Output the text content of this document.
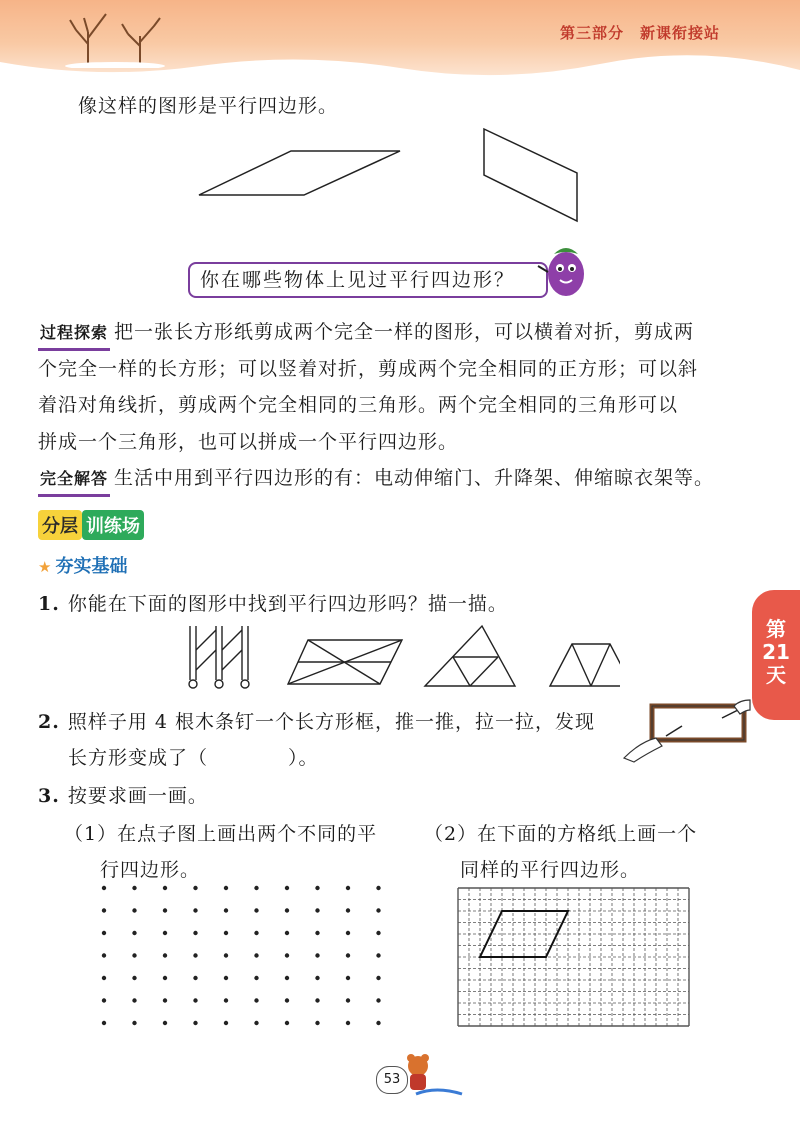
第三部分　新课衔接站
像这样的图形是平行四边形。
你在哪些物体上见过平行四边形？
过程探索 把一张长方形纸剪成两个完全一样的图形，可以横着对折，剪成两
个完全一样的长方形；可以竖着对折，剪成两个完全相同的正方形；可以斜
着沿对角线折，剪成两个完全相同的三角形。两个完全相同的三角形可以
拼成一个三角形，也可以拼成一个平行四边形。
完全解答 生活中用到平行四边形的有：电动伸缩门、升降架、伸缩晾衣架等。
分层 训练场
★ 夯实基础
1. 你能在下面的图形中找到平行四边形吗？描一描。
2. 照样子用 4 根木条钉一个长方形框，推一推，拉一拉，发现
长方形变成了（　　　　）。
第
21
天
3. 按要求画一画。
（1）在点子图上画出两个不同的平
行四边形。
（2）在下面的方格纸上画一个
同样的平行四边形。
53
